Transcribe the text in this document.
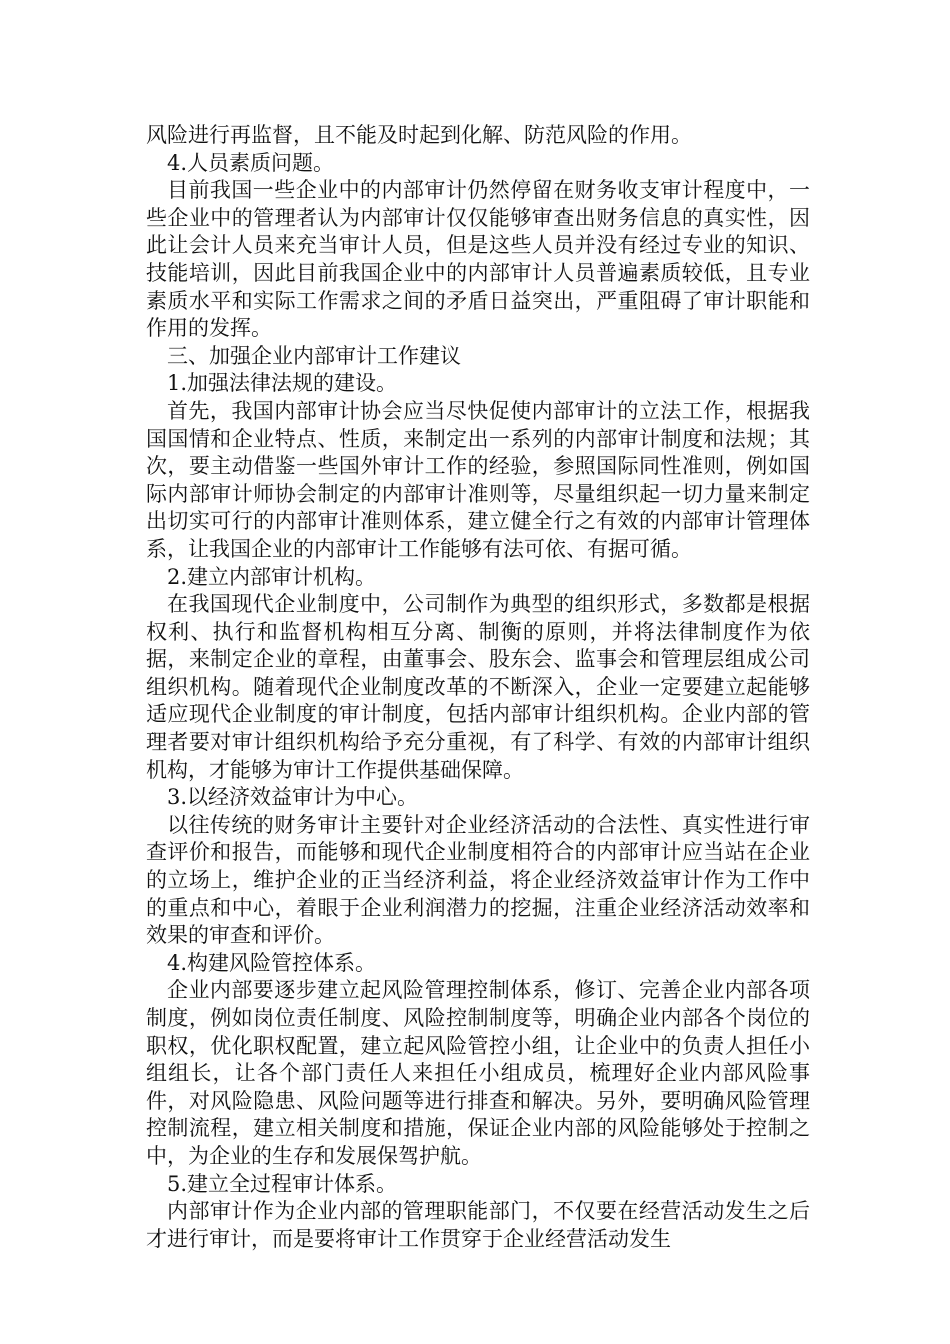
风险进行再监督，且不能及时起到化解、防范风险的作用。

4.人员素质问题。

目前我国一些企业中的内部审计仍然停留在财务收支审计程度中，一些企业中的管理者认为内部审计仅仅能够审查出财务信息的真实性，因此让会计人员来充当审计人员，但是这些人员并没有经过专业的知识、技能培训，因此目前我国企业中的内部审计人员普遍素质较低，且专业素质水平和实际工作需求之间的矛盾日益突出，严重阻碍了审计职能和作用的发挥。

三、加强企业内部审计工作建议

1.加强法律法规的建设。

首先，我国内部审计协会应当尽快促使内部审计的立法工作，根据我国国情和企业特点、性质，来制定出一系列的内部审计制度和法规；其次，要主动借鉴一些国外审计工作的经验，参照国际同性准则，例如国际内部审计师协会制定的内部审计准则等，尽量组织起一切力量来制定出切实可行的内部审计准则体系，建立健全行之有效的内部审计管理体系，让我国企业的内部审计工作能够有法可依、有据可循。

2.建立内部审计机构。

在我国现代企业制度中，公司制作为典型的组织形式，多数都是根据权利、执行和监督机构相互分离、制衡的原则，并将法律制度作为依据，来制定企业的章程，由董事会、股东会、监事会和管理层组成公司组织机构。随着现代企业制度改革的不断深入，企业一定要建立起能够适应现代企业制度的审计制度，包括内部审计组织机构。企业内部的管理者要对审计组织机构给予充分重视，有了科学、有效的内部审计组织机构，才能够为审计工作提供基础保障。

3.以经济效益审计为中心。

以往传统的财务审计主要针对企业经济活动的合法性、真实性进行审查评价和报告，而能够和现代企业制度相符合的内部审计应当站在企业的立场上，维护企业的正当经济利益，将企业经济效益审计作为工作中的重点和中心，着眼于企业利润潜力的挖掘，注重企业经济活动效率和效果的审查和评价。

4.构建风险管控体系。

企业内部要逐步建立起风险管理控制体系，修订、完善企业内部各项制度，例如岗位责任制度、风险控制制度等，明确企业内部各个岗位的职权，优化职权配置，建立起风险管控小组，让企业中的负责人担任小组组长，让各个部门责任人来担任小组成员，梳理好企业内部风险事件，对风险隐患、风险问题等进行排查和解决。另外，要明确风险管理控制流程，建立相关制度和措施，保证企业内部的风险能够处于控制之中，为企业的生存和发展保驾护航。

5.建立全过程审计体系。

内部审计作为企业内部的管理职能部门，不仅要在经营活动发生之后才进行审计，而是要将审计工作贯穿于企业经营活动发生
